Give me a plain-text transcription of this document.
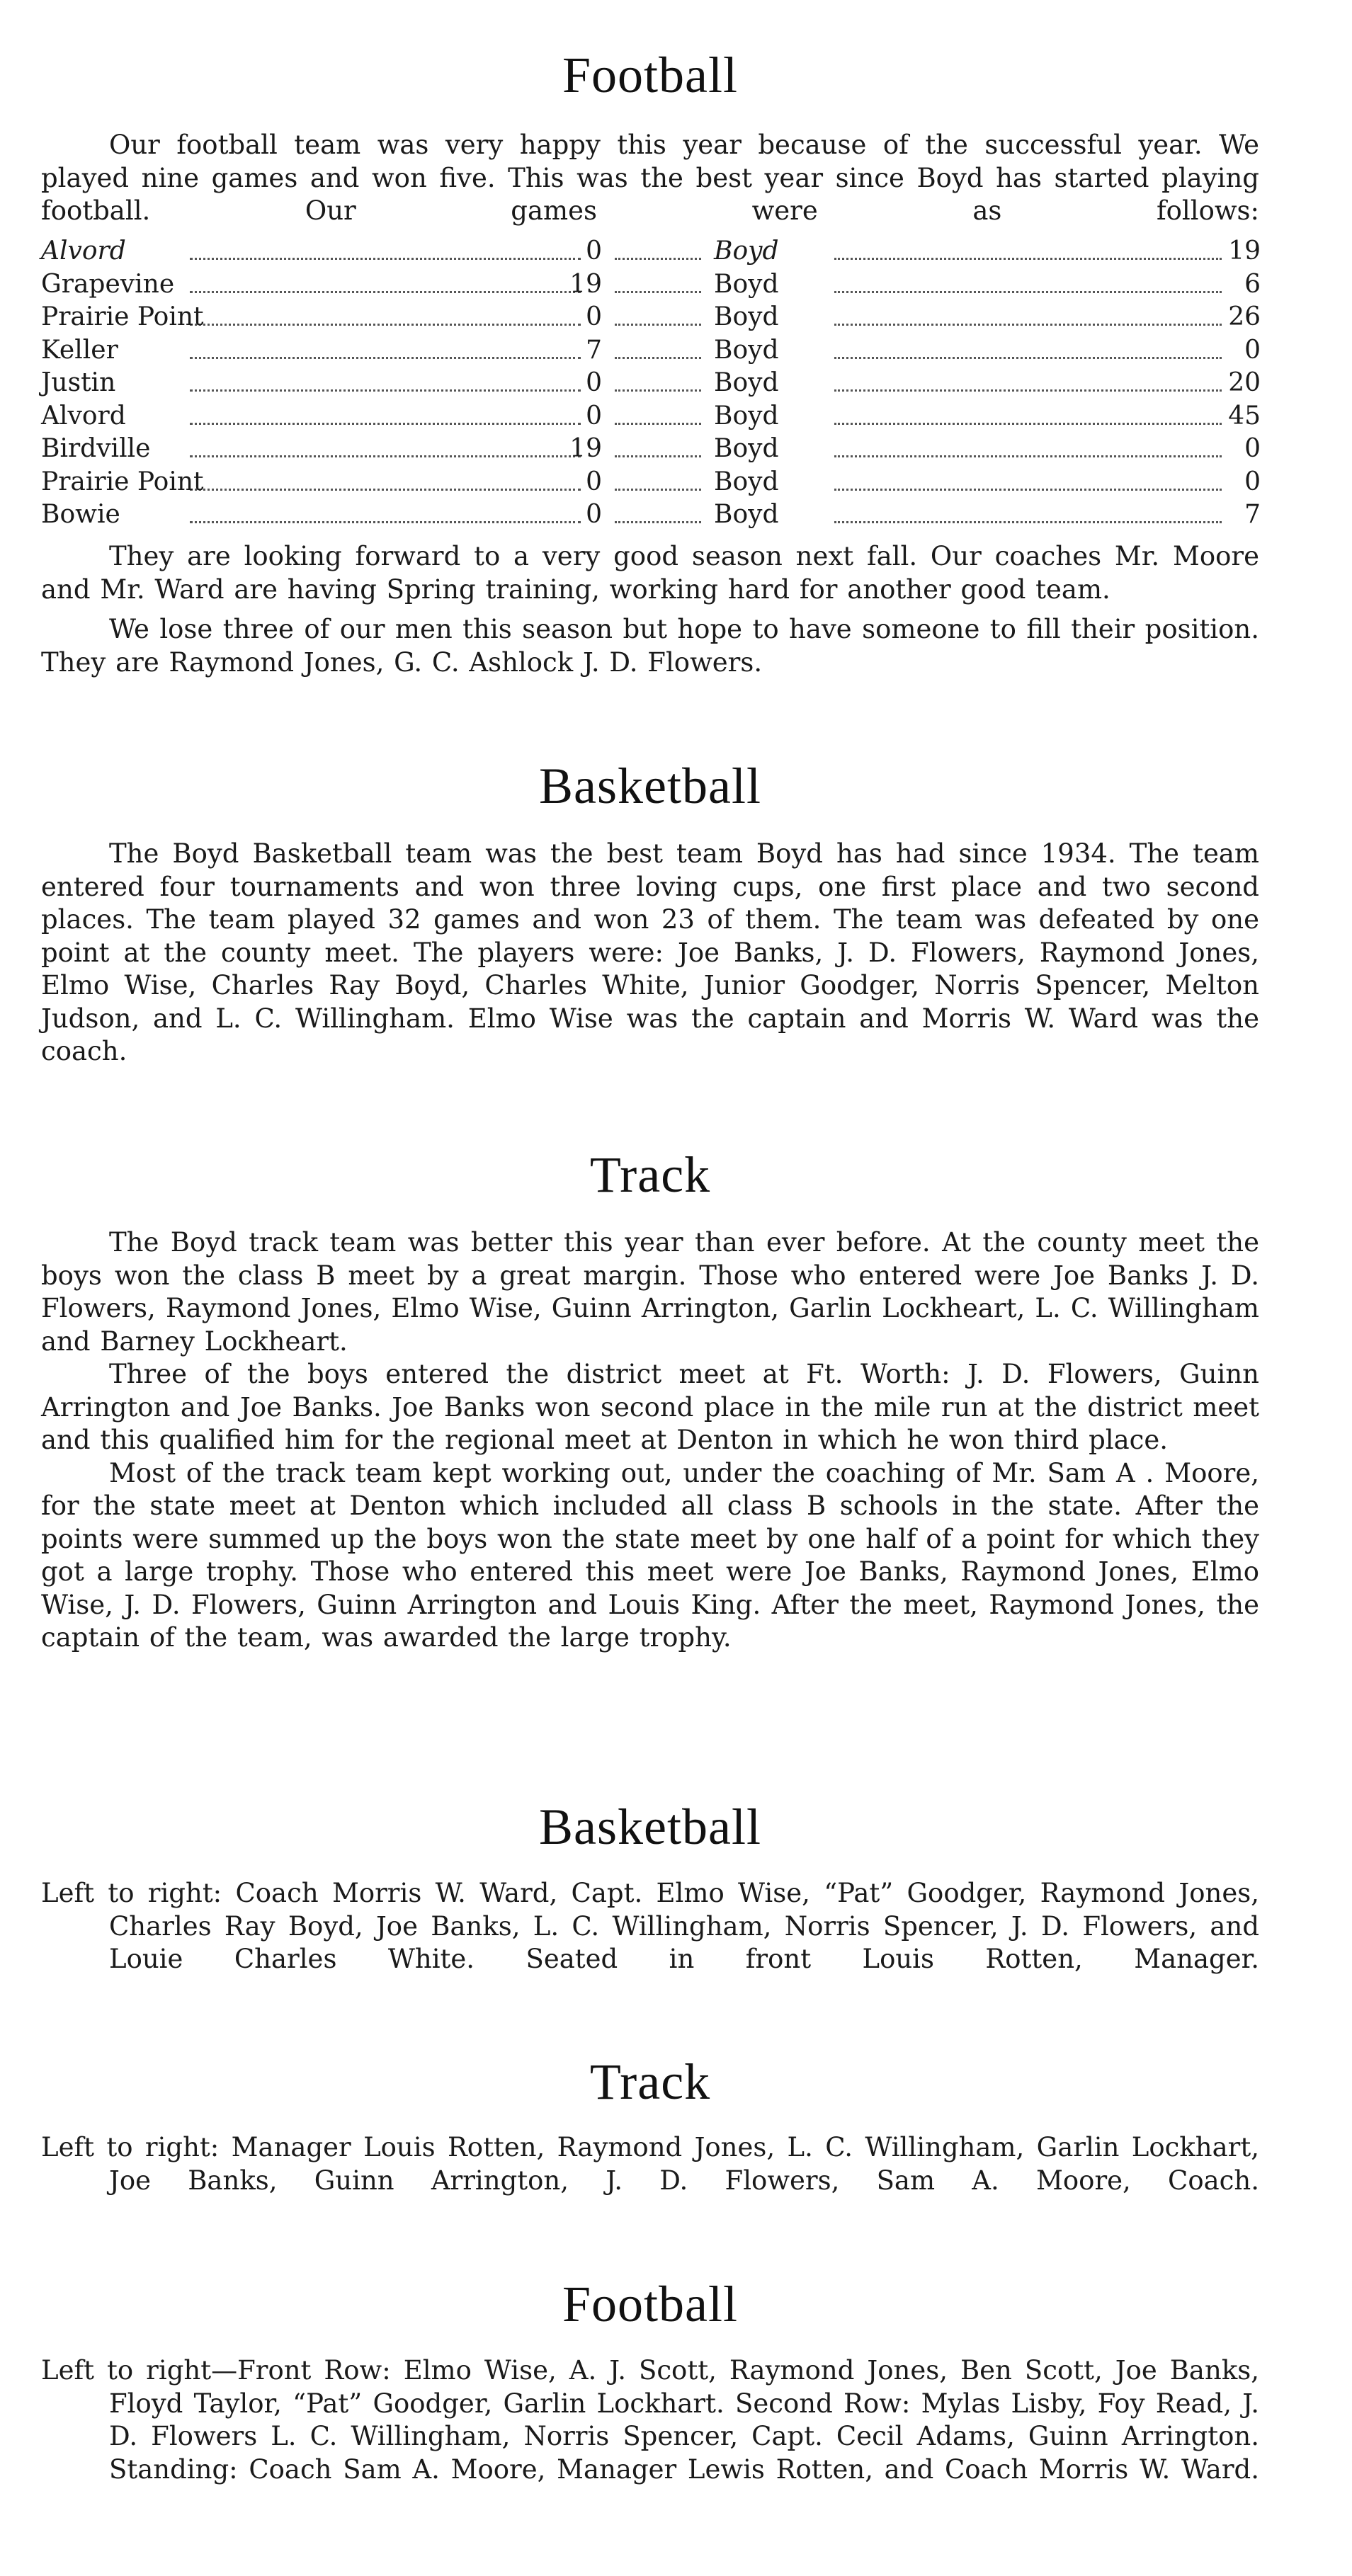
Football

Our football team was very happy this year because of the successful year. We played nine games and won five. This was the best year since Boyd has started playing football. Our games were as follows:

Alvord	0	Boyd	19
Grapevine	19	Boyd	6
Prairie Point	0	Boyd	26
Keller	7	Boyd	0
Justin	0	Boyd	20
Alvord	0	Boyd	45
Birdville	19	Boyd	0
Prairie Point	0	Boyd	0
Bowie	0	Boyd	7

They are looking forward to a very good season next fall. Our coaches Mr. Moore and Mr. Ward are having Spring training, working hard for another good team.

We lose three of our men this season but hope to have someone to fill their position. They are Raymond Jones, G. C. Ashlock J. D. Flowers.

Basketball

The Boyd Basketball team was the best team Boyd has had since 1934. The team entered four tournaments and won three loving cups, one first place and two second places. The team played 32 games and won 23 of them. The team was defeated by one point at the county meet. The players were: Joe Banks, J. D. Flowers, Raymond Jones, Elmo Wise, Charles Ray Boyd, Charles White, Junior Goodger, Norris Spencer, Melton Judson, and L. C. Willingham. Elmo Wise was the captain and Morris W. Ward was the coach.

Track

The Boyd track team was better this year than ever before. At the county meet the boys won the class B meet by a great margin. Those who entered were Joe Banks J. D. Flowers, Raymond Jones, Elmo Wise, Guinn Arrington, Garlin Lockheart, L. C. Willingham and Barney Lockheart.

Three of the boys entered the district meet at Ft. Worth: J. D. Flowers, Guinn Arrington and Joe Banks. Joe Banks won second place in the mile run at the district meet and this qualified him for the regional meet at Denton in which he won third place.

Most of the track team kept working out, under the coaching of Mr. Sam A . Moore, for the state meet at Denton which included all class B schools in the state. After the points were summed up the boys won the state meet by one half of a point for which they got a large trophy. Those who entered this meet were Joe Banks, Raymond Jones, Elmo Wise, J. D. Flowers, Guinn Arrington and Louis King. After the meet, Raymond Jones, the captain of the team, was awarded the large trophy.

Basketball

Left to right: Coach Morris W. Ward, Capt. Elmo Wise, “Pat” Goodger, Raymond Jones, Charles Ray Boyd, Joe Banks, L. C. Willingham, Norris Spencer, J. D. Flowers, and Louie Charles White. Seated in front Louis Rotten, Manager.

Track

Left to right: Manager Louis Rotten, Raymond Jones, L. C. Willingham, Garlin Lockhart, Joe Banks, Guinn Arrington, J. D. Flowers, Sam A. Moore, Coach.

Football

Left to right—Front Row: Elmo Wise, A. J. Scott, Raymond Jones, Ben Scott, Joe Banks, Floyd Taylor, “Pat” Goodger, Garlin Lockhart. Second Row: Mylas Lisby, Foy Read, J. D. Flowers L. C. Willingham, Norris Spencer, Capt. Cecil Adams, Guinn Arrington. Standing: Coach Sam A. Moore, Manager Lewis Rotten, and Coach Morris W. Ward.
